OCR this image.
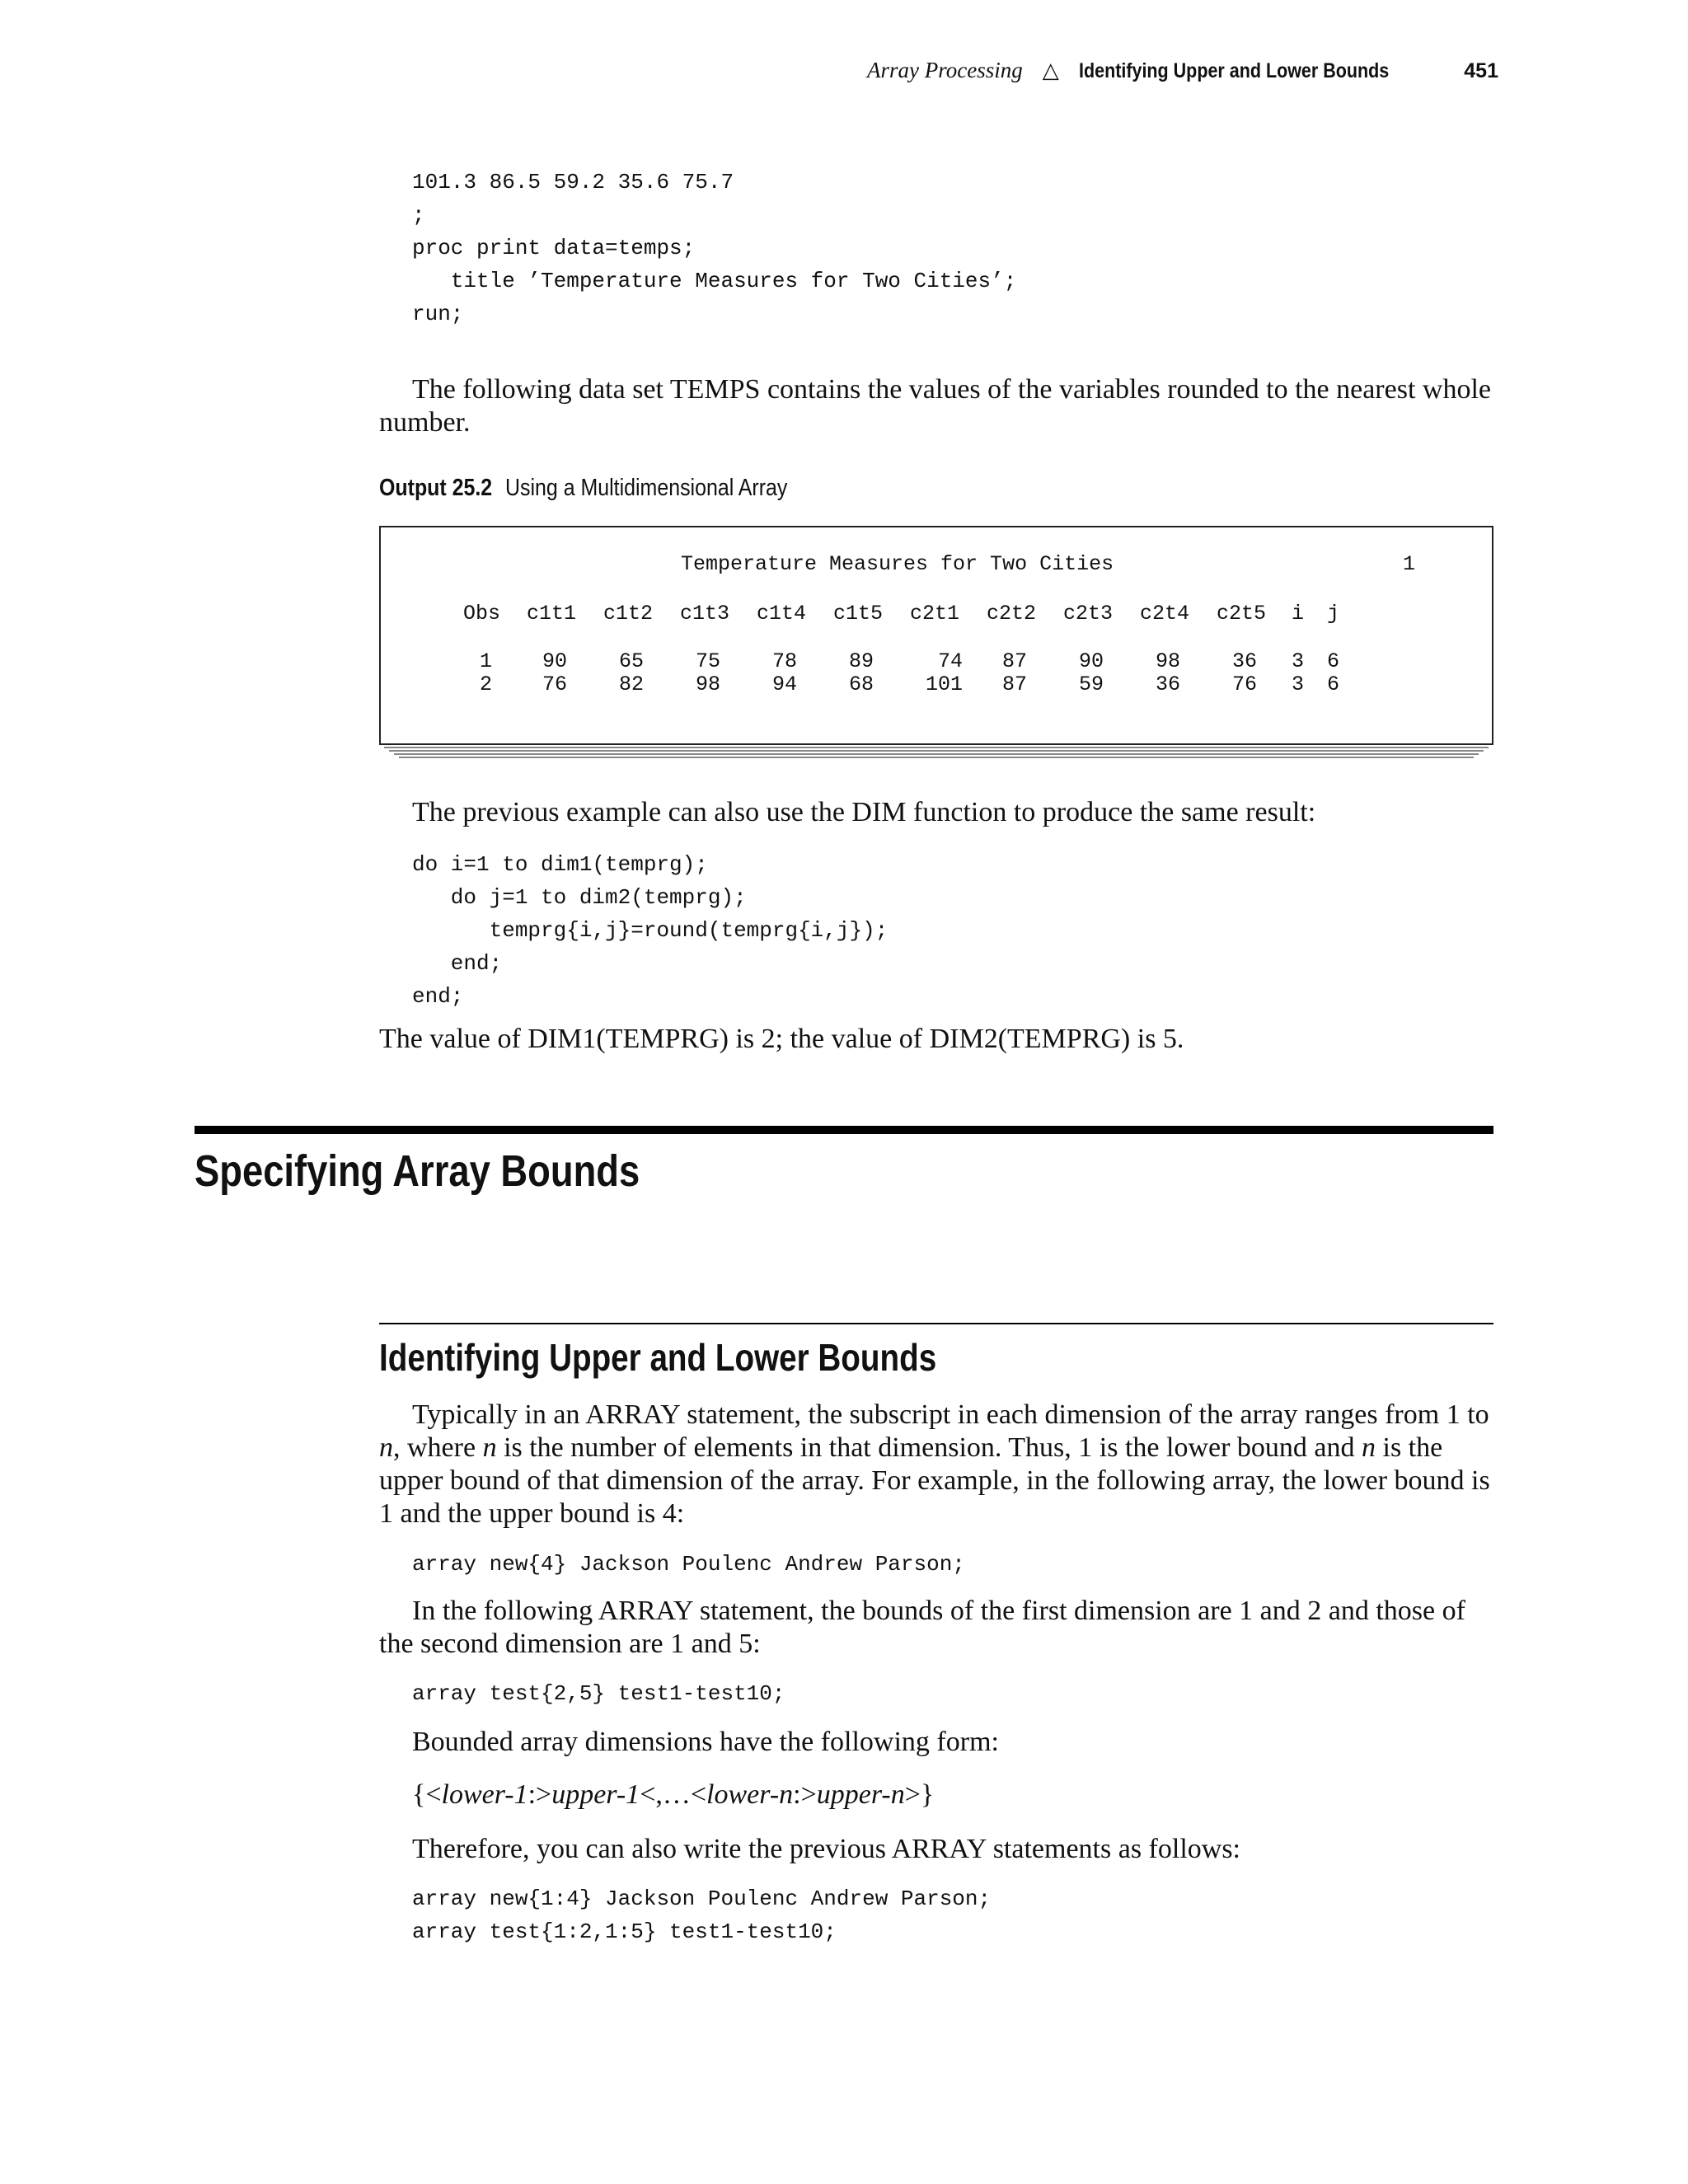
Array Processing △ Identifying Upper and Lower Bounds	451
101.3 86.5 59.2 35.6 75.7
;
proc print data=temps;
title ’Temperature Measures for Two Cities’;
run;

The following data set TEMPS contains the values of the variables rounded to the nearest whole number.

Output 25.2 Using a Multidimensional Array
Temperature Measures for Two Cities	1
Obs c1t1 c1t2 c1t3 c1t4 c1t5 c2t1 c2t2 c2t3 c2t4 c2t5 i j
1 90	65	75	78	89	74 87	90	98	36 3 6
2 76	82	98	94	68	101 87	59	36	76 3 6

The previous example can also use the DIM function to produce the same result:

do i=1 to dim1(temprg);
do j=1 to dim2(temprg);
temprg{i,j}=round(temprg{i,j});
end;
end;

The value of DIM1(TEMPRG) is 2; the value of DIM2(TEMPRG) is 5.

Specifying Array Bounds
Identifying Upper and Lower Bounds

Typically in an ARRAY statement, the subscript in each dimension of the array ranges from 1 to n, where n is the number of elements in that dimension. Thus, 1 is the lower bound and n is the upper bound of that dimension of the array. For example, in the following array, the lower bound is 1 and the upper bound is 4:

array new{4} Jackson Poulenc Andrew Parson;

In the following ARRAY statement, the bounds of the first dimension are 1 and 2 and those of the second dimension are 1 and 5:

array test{2,5} test1-test10;

Bounded array dimensions have the following form:

{<lower-1:>upper-1<,…<lower-n:>upper-n>}

Therefore, you can also write the previous ARRAY statements as follows:

array new{1:4} Jackson Poulenc Andrew Parson;
array test{1:2,1:5} test1-test10;
